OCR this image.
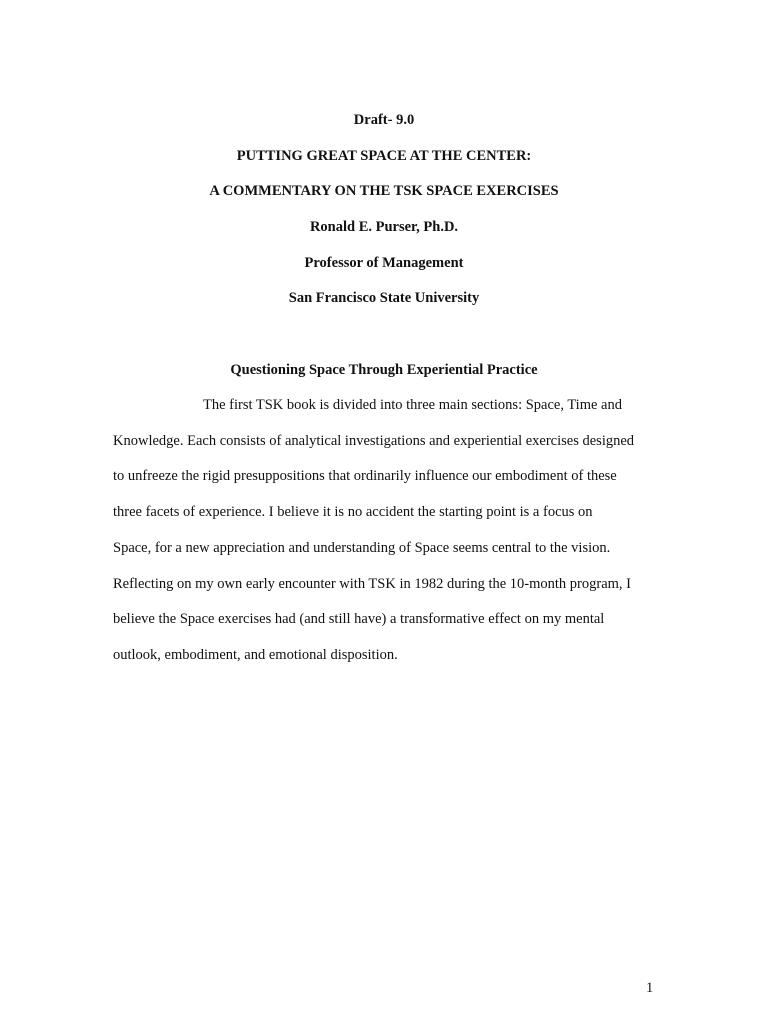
Draft- 9.0
PUTTING GREAT SPACE AT THE CENTER:
A COMMENTARY ON THE TSK SPACE EXERCISES
Ronald E. Purser, Ph.D.
Professor of Management
San Francisco State University
Questioning Space Through Experiential Practice
The first TSK book is divided into three main sections: Space, Time and
Knowledge. Each consists of analytical investigations and experiential exercises designed
to unfreeze the rigid presuppositions that ordinarily influence our embodiment of these
three facets of experience. I believe it is no accident the starting point is a focus on
Space, for a new appreciation and understanding of Space seems central to the vision.
Reflecting on my own early encounter with TSK in 1982 during the 10-month program, I
believe the Space exercises had (and still have) a transformative effect on my mental
outlook, embodiment, and emotional disposition.
1
